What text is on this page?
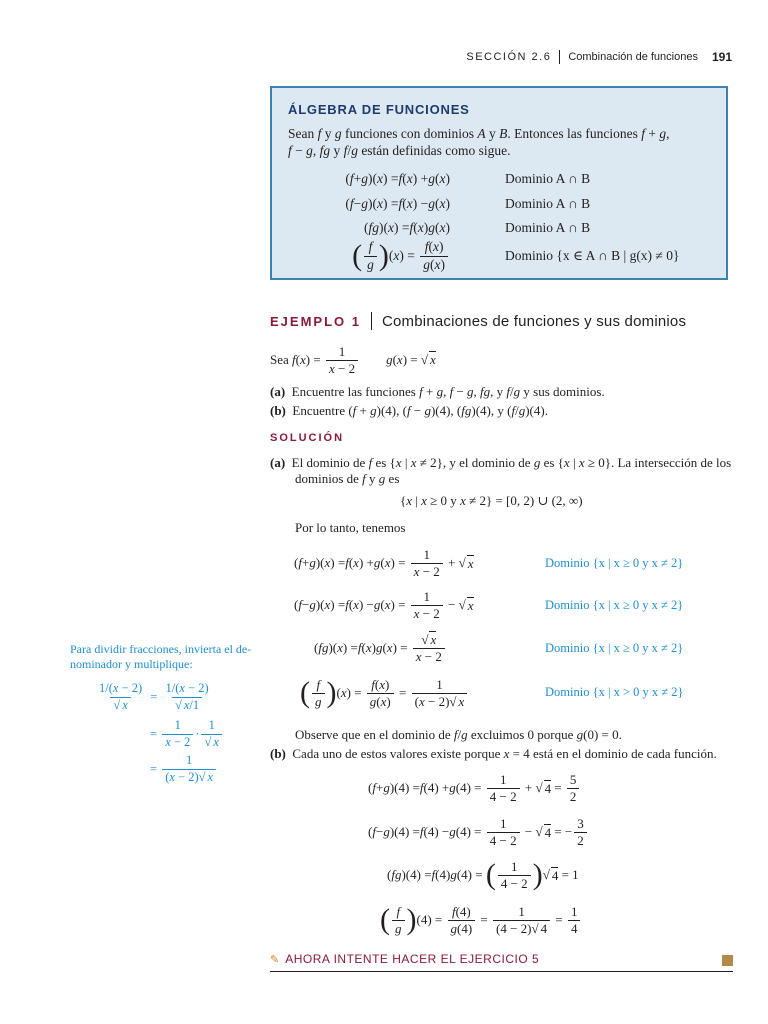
SECCIÓN 2.6 Combinación de funciones 191
ÁLGEBRA DE FUNCIONES
Sean f y g funciones con dominios A y B. Entonces las funciones f + g,
f − g, fg y f/g están definidas como sigue.
( f + g )( x ) = f ( x ) + g ( x )	Dominio A ∩ B
( f − g )( x ) = f ( x ) − g ( x )	Dominio A ∩ B
( fg )( x ) = f ( x ) g ( x )	Dominio A ∩ B
( $\frac{f}{g}$ ) ( x ) = $\frac{f(x)}{g(x)}$	Dominio {x ∈ A ∩ B | g(x) ≠ 0}
EJEMPLO 1 Combinaciones de funciones y sus dominios
Sea f ( x ) = $\frac{1}{x - 2} g(x)$ = √ x
(a)  Encuentre las funciones f + g, f − g, fg, y f/g y sus dominios.
(b)  Encuentre (f + g)(4), (f − g)(4), (fg)(4), y (f/g)(4).
SOLUCIÓN
(a)  El dominio de f es {x | x ≠ 2}, y el dominio de g es {x | x ≥ 0}. La intersección de los
dominios de f y g es
{x | x ≥ 0 y x ≠ 2} = [0, 2) ∪ (2, ∞)
Por lo tanto, tenemos
( f + g )( x ) = f ( x ) + g ( x ) = $\frac{1}{x - 2}$ + √ x	Dominio {x | x ≥ 0 y x ≠ 2}
( f − g )( x ) = f ( x ) − g ( x ) = $\frac{1}{x - 2}$ − √ x	Dominio {x | x ≥ 0 y x ≠ 2}
( fg )( x ) = f ( x ) g ( x ) = $\frac{√ x}{x - 2}$	Dominio {x | x ≥ 0 y x ≠ 2}
( $\frac{f}{g}$ ) ( x ) = $\frac{f(x)}{g(x)} = \frac{1}{(x - 2)√ x}$	Dominio {x | x > 0 y x ≠ 2}
Observe que en el dominio de f/g excluimos 0 porque g(0) = 0.
(b)  Cada uno de estos valores existe porque x = 4 está en el dominio de cada función.
( f + g )(4) = f (4) + g $(4) = \frac{1}{4 - 2}$ + √ $4 = \frac{5}{2}$
( f − g )(4) = f (4) − g $(4) = \frac{1}{4 - 2}$ − √ 4 = − $\frac{3}{2}$
( fg )(4) = f (4) g (4) = ( $\frac{1}{4 - 2}$ ) √ 4 = 1
( $\frac{f}{g}$ ) $(4) = \frac{f(4)}{g(4)} = \frac{1}{(4 - 2)√ 4} = \frac{1}{4}$
Para dividir fracciones, invierta el de-
nominador y multiplique:
$\frac{1/(x - 2)}{√ x} = \frac{1/(x - 2)}{√ x/1}$
= $\frac{1}{x - 2} \cdot \frac{1}{√ x}$
= $\frac{1}{(x - 2)√ x}$
✎ AHORA INTENTE HACER EL EJERCICIO 5
